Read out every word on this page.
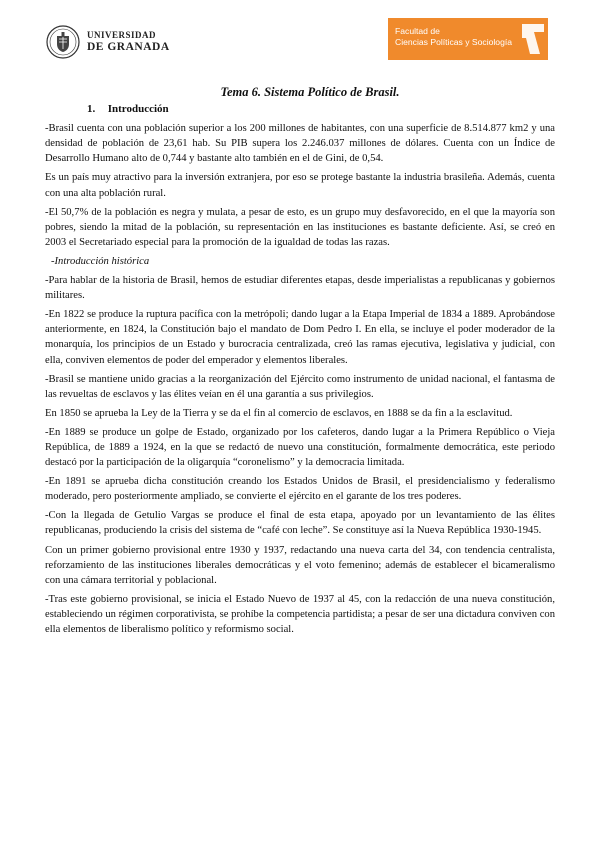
UNIVERSIDAD
DE GRANADA
Facultad de
Ciencias Políticas y Sociología
Tema 6. Sistema Político de Brasil.
1. Introducción

-Brasil cuenta con una población superior a los 200 millones de habitantes, con una superficie de 8.514.877 km2 y una densidad de población de 23,61 hab. Su PIB supera los 2.246.037 millones de dólares. Cuenta con un Índice de Desarrollo Humano alto de 0,744 y bastante alto también en el de Gini, de 0,54.

Es un país muy atractivo para la inversión extranjera, por eso se protege bastante la industria brasileña. Además, cuenta con una alta población rural.

-El 50,7% de la población es negra y mulata, a pesar de esto, es un grupo muy desfavorecido, en el que la mayoría son pobres, siendo la mitad de la población, su representación en las instituciones es bastante deficiente. Así, se creó en 2003 el Secretariado especial para la promoción de la igualdad de todas las razas.

-Introducción histórica

-Para hablar de la historia de Brasil, hemos de estudiar diferentes etapas, desde imperialistas a republicanas y gobiernos militares.

-En 1822 se produce la ruptura pacífica con la metrópoli; dando lugar a la Etapa Imperial de 1834 a 1889. Aprobándose anteriormente, en 1824, la Constitución bajo el mandato de Dom Pedro I. En ella, se incluye el poder moderador de la monarquía, los principios de un Estado y burocracia centralizada, creó las ramas ejecutiva, legislativa y judicial, con ella, conviven elementos de poder del emperador y elementos liberales.

-Brasil se mantiene unido gracias a la reorganización del Ejército como instrumento de unidad nacional, el fantasma de las revueltas de esclavos y las élites veían en él una garantía a sus privilegios.

En 1850 se aprueba la Ley de la Tierra y se da el fin al comercio de esclavos, en 1888 se da fin a la esclavitud.

-En 1889 se produce un golpe de Estado, organizado por los cafeteros, dando lugar a la Primera Repúblico o Vieja República, de 1889 a 1924, en la que se redactó de nuevo una constitución, formalmente democrática, este periodo destacó por la participación de la oligarquía “coronelismo” y la democracia limitada.

-En 1891 se aprueba dicha constitución creando los Estados Unidos de Brasil, el presidencialismo y federalismo moderado, pero posteriormente ampliado, se convierte el ejército en el garante de los tres poderes.

-Con la llegada de Getulio Vargas se produce el final de esta etapa, apoyado por un levantamiento de las élites republicanas, produciendo la crisis del sistema de “café con leche”. Se constituye así la Nueva República 1930-1945.

Con un primer gobierno provisional entre 1930 y 1937, redactando una nueva carta del 34, con tendencia centralista, reforzamiento de las instituciones liberales democráticas y el voto femenino; además de establecer el bicameralismo con una cámara territorial y poblacional.

-Tras este gobierno provisional, se inicia el Estado Nuevo de 1937 al 45, con la redacción de una nueva constitución, estableciendo un régimen corporativista, se prohíbe la competencia partidista; a pesar de ser una dictadura conviven con ella elementos de liberalismo político y reformismo social.
